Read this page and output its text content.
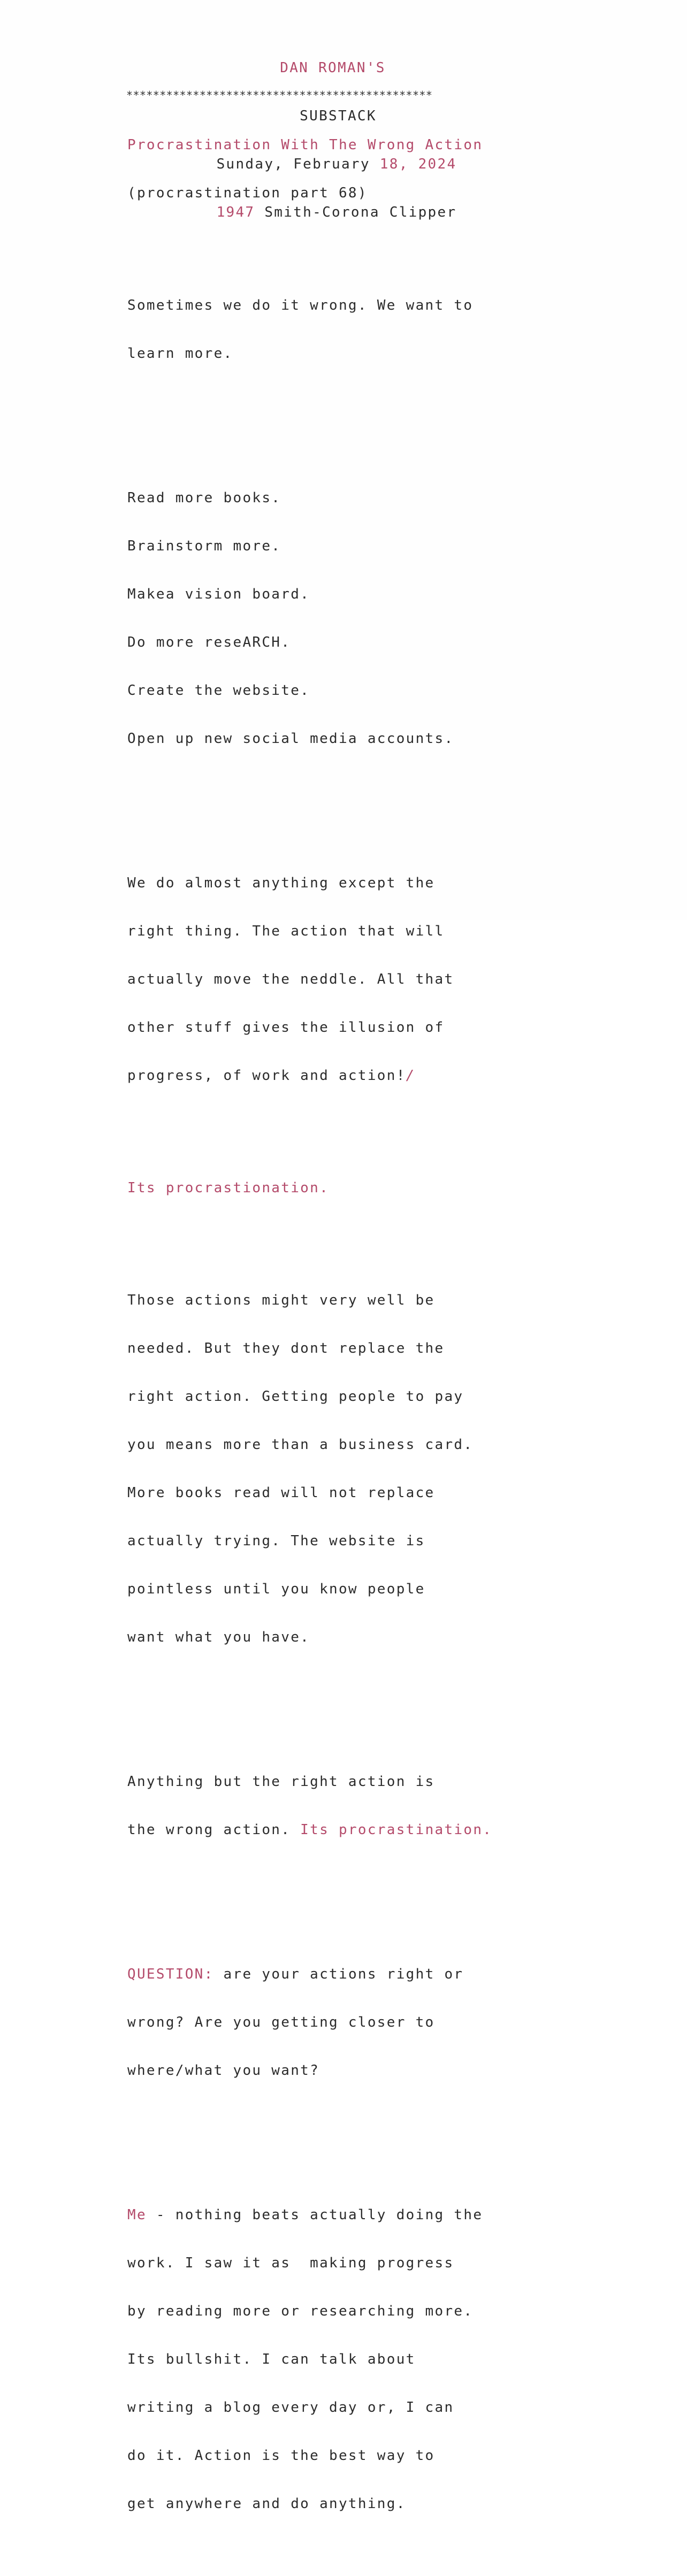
DAN ROMAN'S

SUBSTACK

Sunday, February 18, 2024

1947 Smith-Corona Clipper

**********************************************

Procrastination With The Wrong Action

(procrastination part 68)

Sometimes we do it wrong. We want to

learn more.

Read more books.

Brainstorm more.

Makea vision board.

Do more reseARCH.

Create the website.

Open up new social media accounts.

We do almost anything except the

right thing. The action that will

actually move the neddle. All that

other stuff gives the illusion of

progress, of work and action!/

Its procrastionation.

Those actions might very well be

needed. But they dont replace the

right action. Getting people to pay

you means more than a business card.

More books read will not replace

actually trying. The website is

pointless until you know people

want what you have.

Anything but the right action is

the wrong action. Its procrastination.

QUESTION: are your actions right or

wrong? Are you getting closer to

where/what you want?

Me - nothing beats actually doing the

work. I saw it as  making progress

by reading more or researching more.

Its bullshit. I can talk about

writing a blog every day or, I can

do it. Action is the best way to

get anywhere and do anything.
